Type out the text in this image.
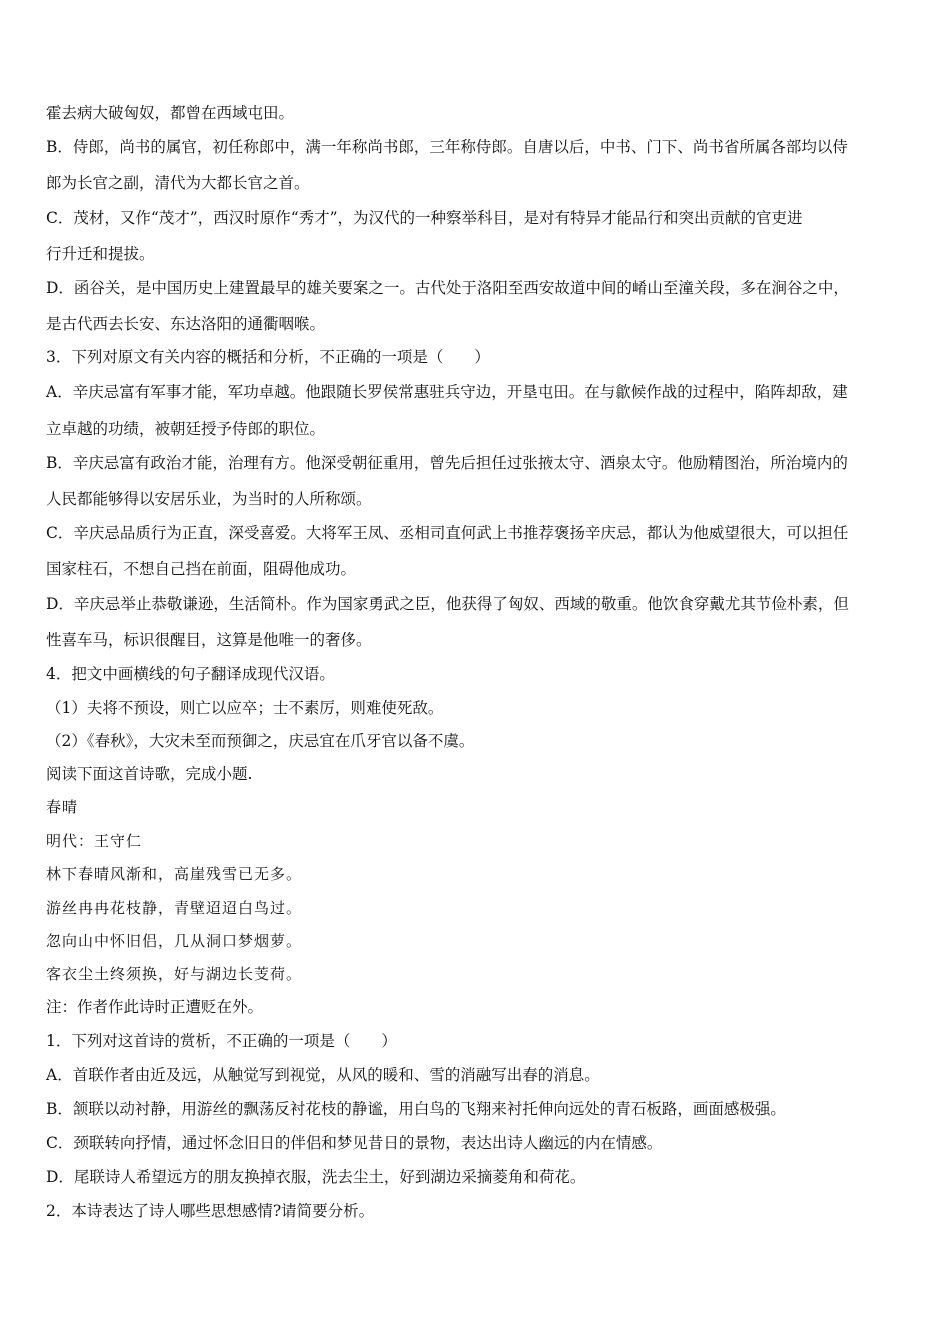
霍去病大破匈奴，都曾在西域屯田。
B．侍郎，尚书的属官，初任称郎中，满一年称尚书郎，三年称侍郎。自唐以后，中书、门下、尚书省所属各部均以侍
郎为长官之副，清代为大都长官之首。
C．茂材，又作“茂才”，西汉时原作“秀才”，为汉代的一种察举科目，是对有特异才能品行和突出贡献的官吏进
行升迁和提拔。
D．函谷关，是中国历史上建置最早的雄关要案之一。古代处于洛阳至西安故道中间的崤山至潼关段，多在涧谷之中，
是古代西去长安、东达洛阳的通衢咽喉。
3．下列对原文有关内容的概括和分析，不正确的一项是（　　）
A．辛庆忌富有军事才能，军功卓越。他跟随长罗侯常惠驻兵守边，开垦屯田。在与歙候作战的过程中，陷阵却敌，建
立卓越的功绩，被朝廷授予侍郎的职位。
B．辛庆忌富有政治才能，治理有方。他深受朝征重用，曾先后担任过张掖太守、酒泉太守。他励精图治，所治境内的
人民都能够得以安居乐业，为当时的人所称颂。
C．辛庆忌品质行为正直，深受喜爱。大将军王凤、丞相司直何武上书推荐褒扬辛庆忌，都认为他威望很大，可以担任
国家柱石，不想自己挡在前面，阻碍他成功。
D．辛庆忌举止恭敬谦逊，生活简朴。作为国家勇武之臣，他获得了匈奴、西域的敬重。他饮食穿戴尤其节俭朴素，但
性喜车马，标识很醒目，这算是他唯一的奢侈。
4．把文中画横线的句子翻译成现代汉语。
（1）夫将不预设，则亡以应卒；士不素厉，则难使死敌。
（2）《春秋》，大灾未至而预御之，庆忌宜在爪牙官以备不虞。
阅读下面这首诗歌，完成小题.
春晴
明代：王守仁
林下春晴风渐和，高崖残雪已无多。
游丝冉冉花枝静，青壁迢迢白鸟过。
忽向山中怀旧侣，几从洞口梦烟萝。
客衣尘土终须换，好与湖边长芰荷。
注：作者作此诗时正遭贬在外。
1．下列对这首诗的赏析，不正确的一项是（　　）
A．首联作者由近及远，从触觉写到视觉，从风的暖和、雪的消融写出春的消息。
B．颔联以动衬静，用游丝的飘荡反衬花枝的静谧，用白鸟的飞翔来衬托伸向远处的青石板路，画面感极强。
C．颈联转向抒情，通过怀念旧日的伴侣和梦见昔日的景物，表达出诗人幽远的内在情感。
D．尾联诗人希望远方的朋友换掉衣服，洗去尘土，好到湖边采摘菱角和荷花。
2．本诗表达了诗人哪些思想感情?请简要分析。
